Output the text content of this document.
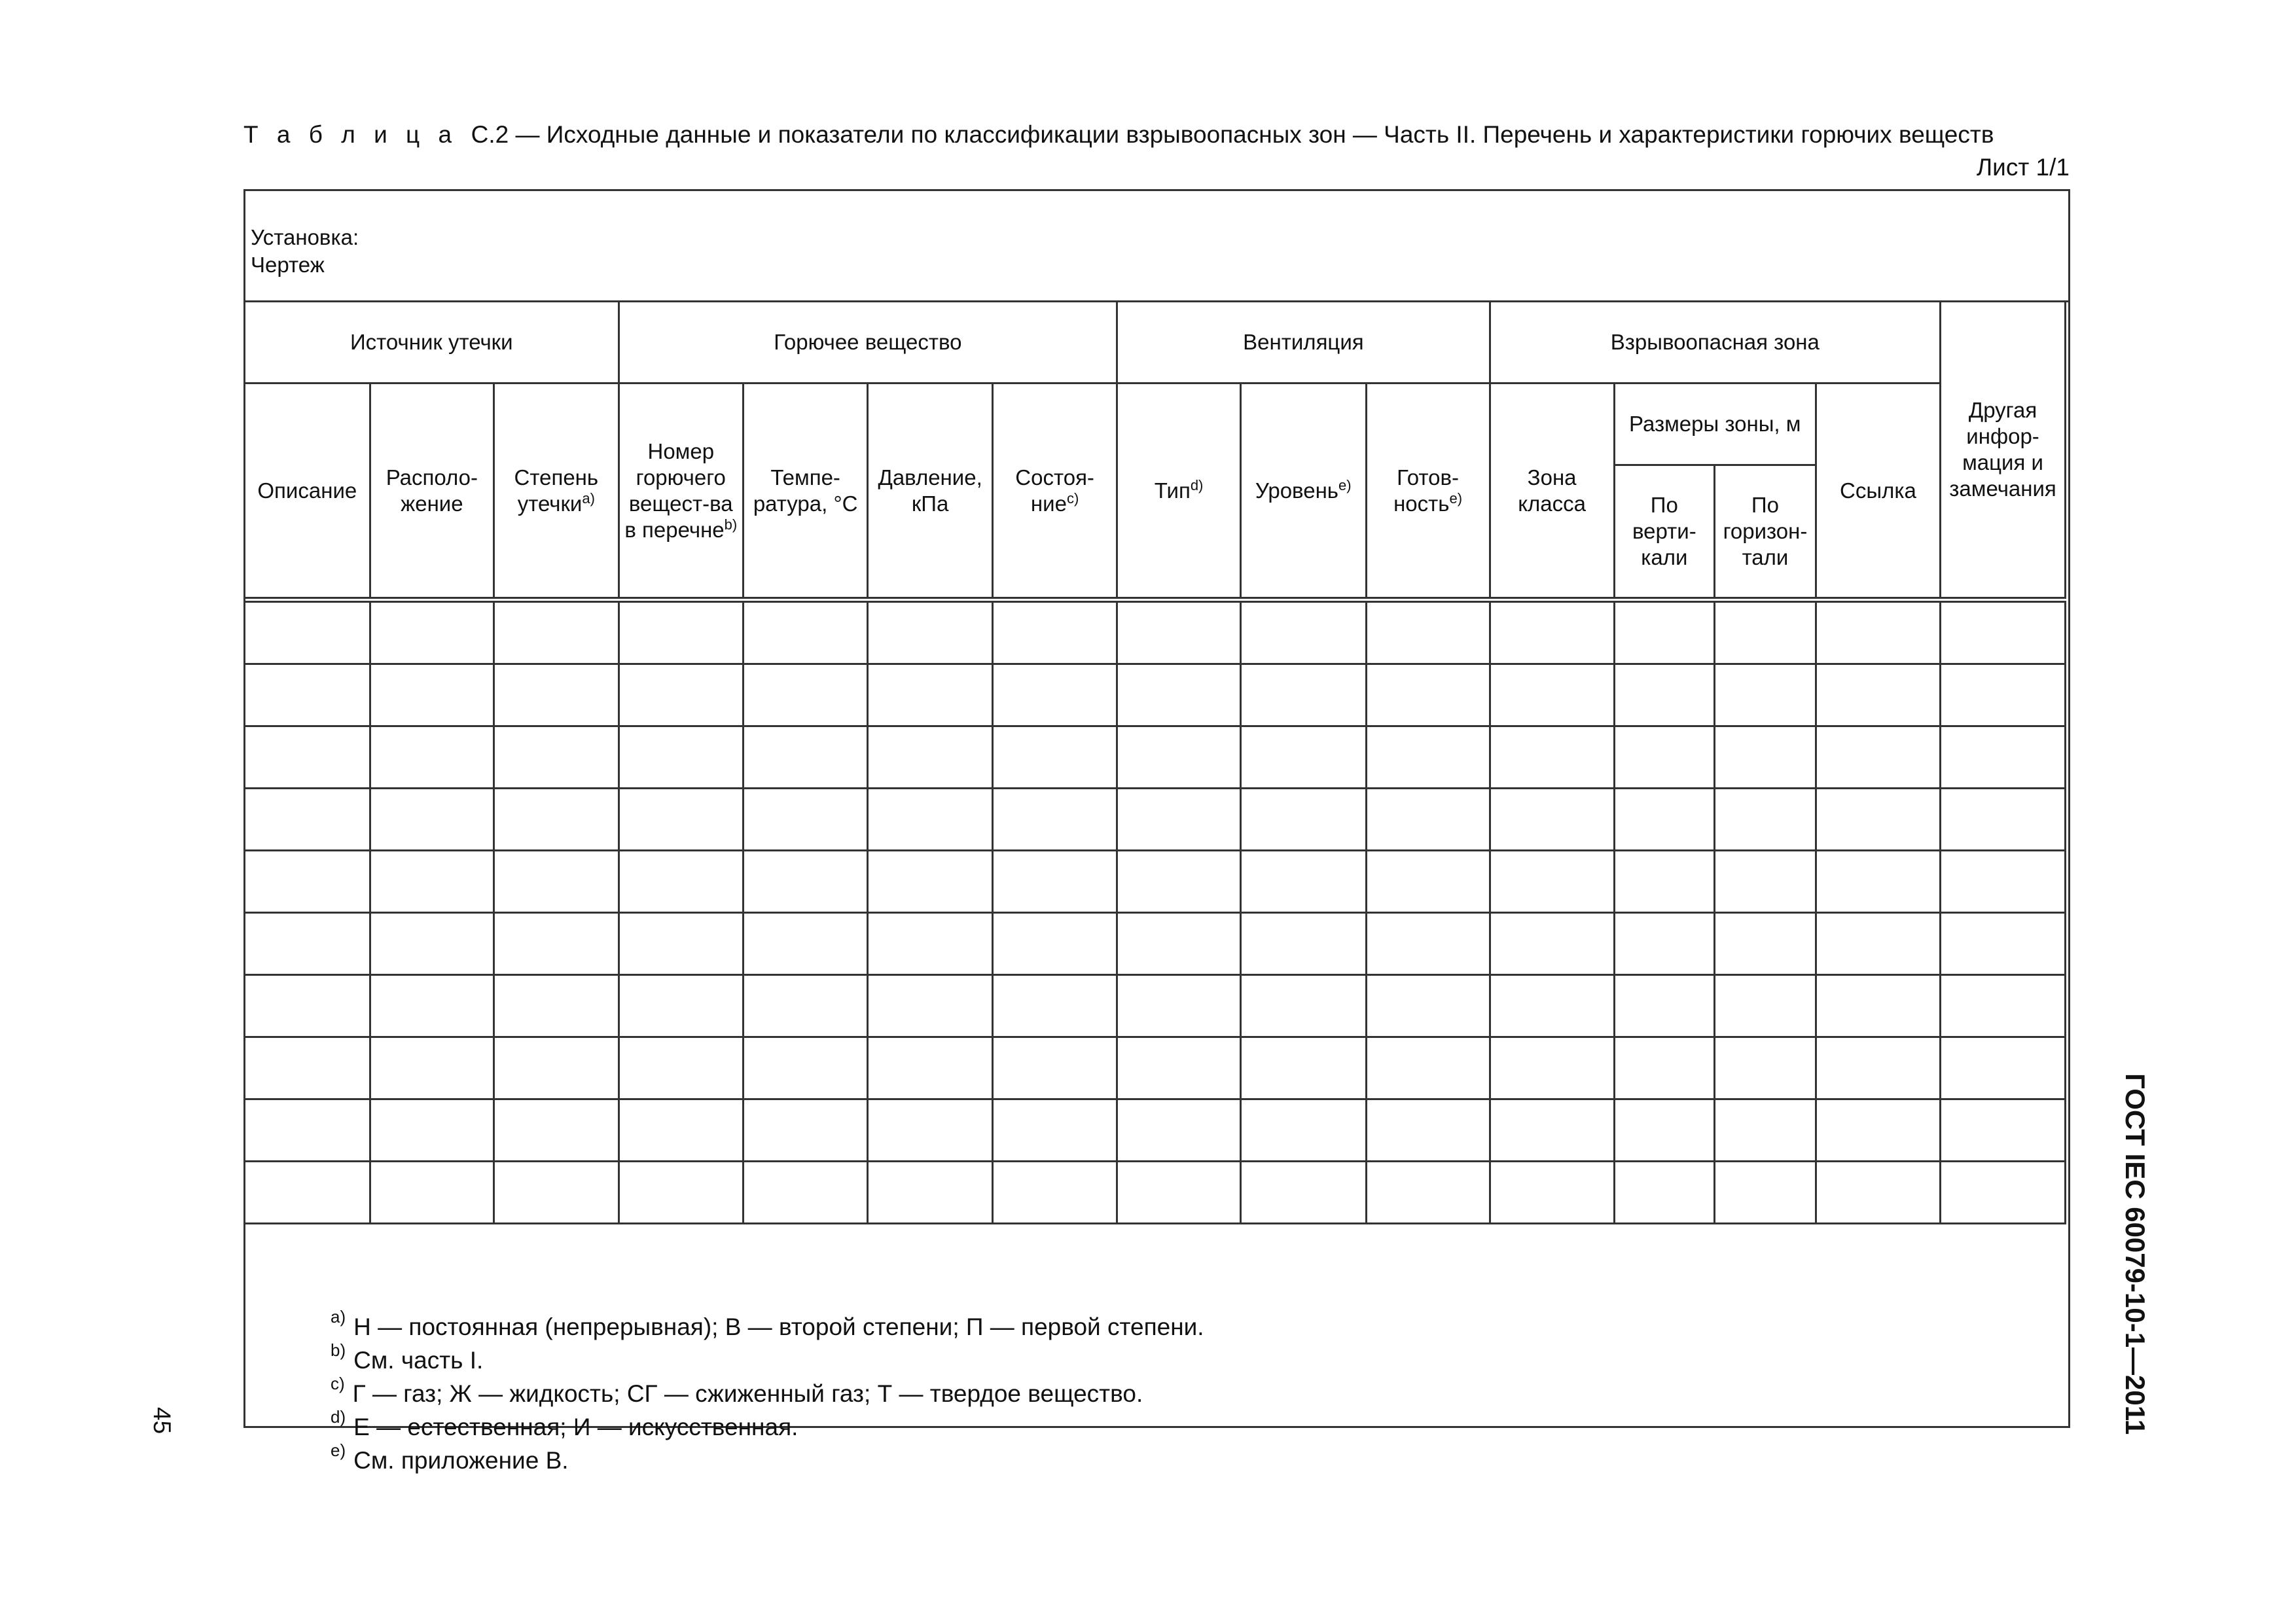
Т а б л и ц а С.2 — Исходные данные и показатели по классификации взрывоопасных зон — Часть II. Перечень и характеристики горючих веществ
Лист 1/1
Установка:
Чертеж
Источник утечки			Горючее вещество				Вентиляция			Взрывоопасная зона				Другая инфор-мация и замечания
Описание	Располо-жение	Степень утечки$^{a)}$	Номер горючего вещест-ва в перечне$^{b)}$	Темпе-ратура, °C	Давление, кПа	Состоя-ние$^{c)}$	Тип$^{d)}$	Уровень$^{e)}$	Готов-ность$^{e)}$	Зона класса	Размеры зоны, м		Ссылка	
											По верти-кали	По горизон-тали		

$^{a)}$ Н — постоянная (непрерывная); В — второй степени; П — первой степени.
$^{b)}$ См. часть I.
$^{c)}$ Г — газ; Ж — жидкость; СГ — сжиженный газ; Т — твердое вещество.
$^{d)}$ Е — естественная; И — искусственная.
$^{e)}$ См. приложение В.
45	ГОСТ IEC 60079-10-1—2011
